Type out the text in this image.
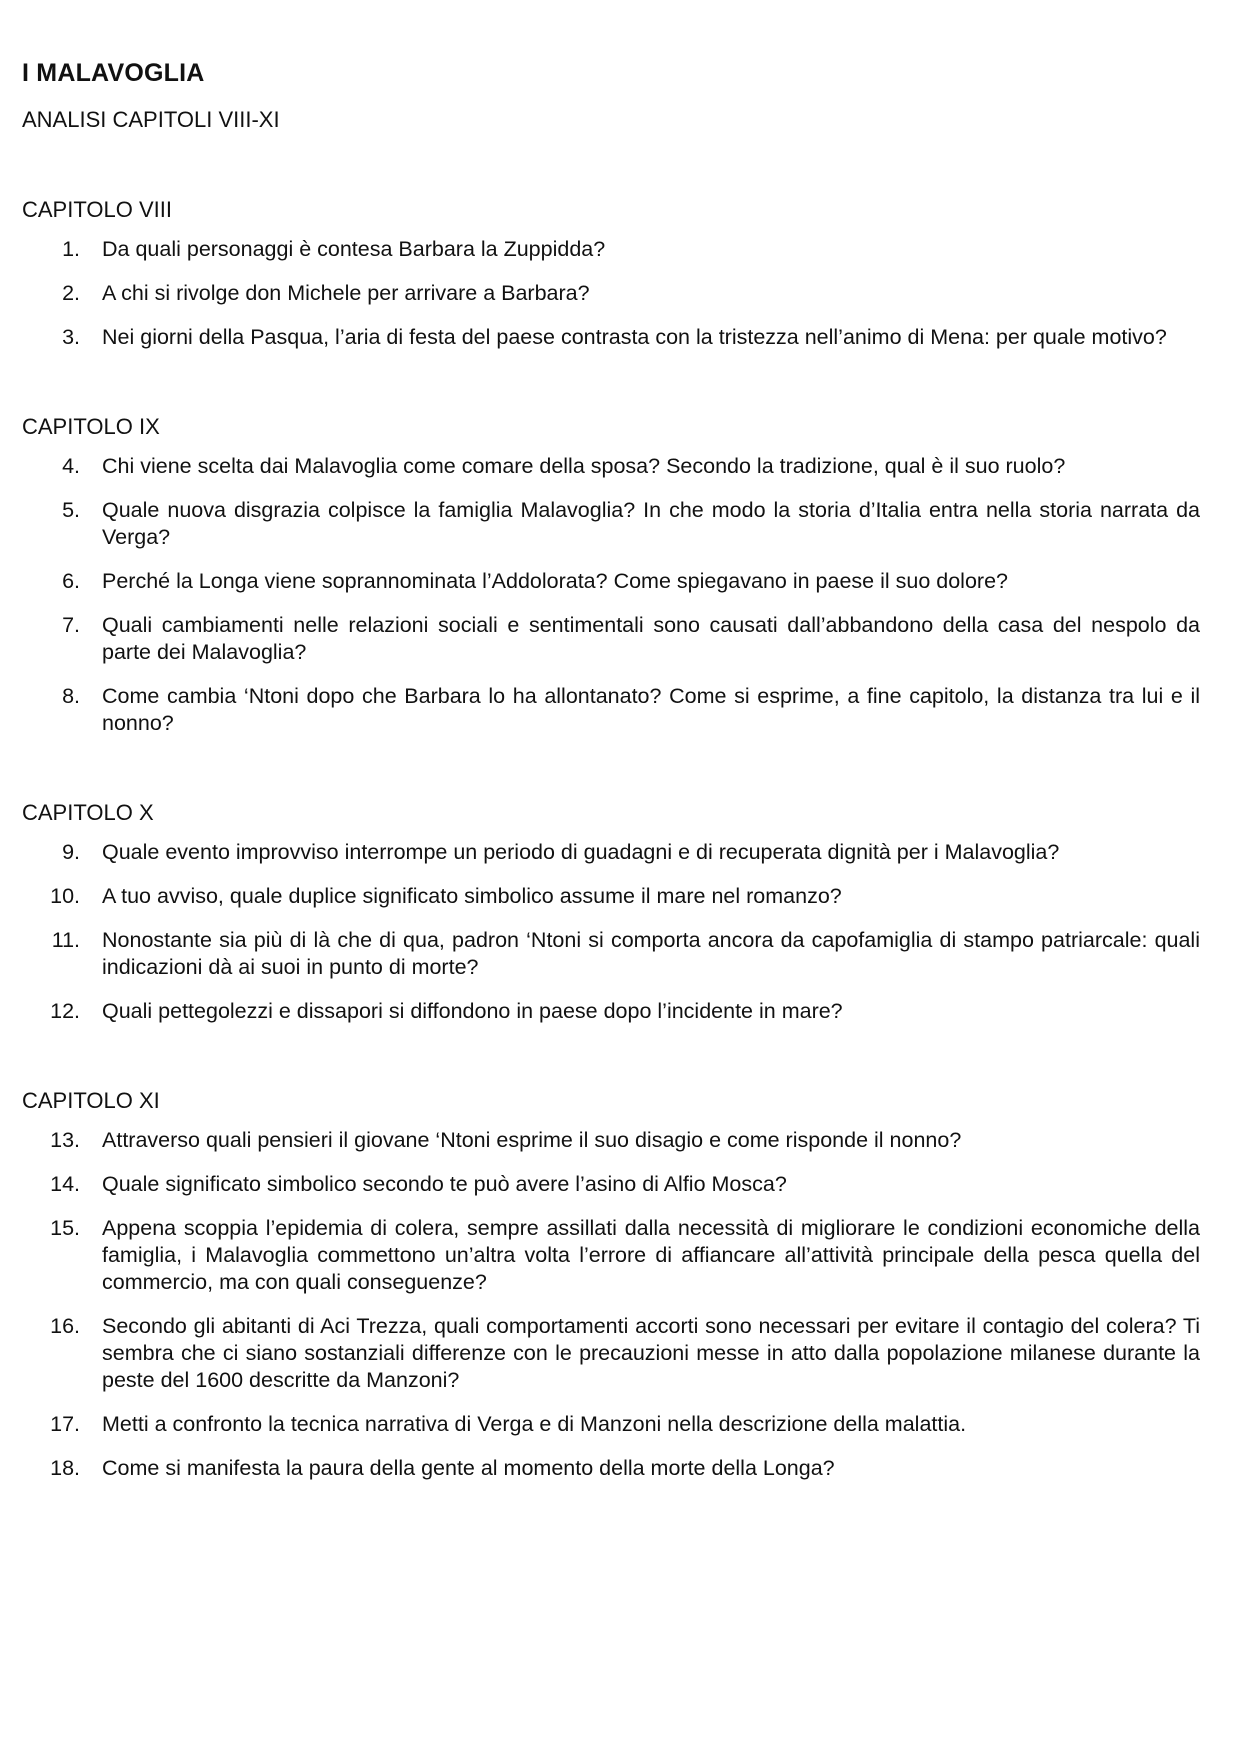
I MALAVOGLIA
ANALISI CAPITOLI VIII-XI
CAPITOLO VIII
1.	Da quali personaggi è contesa Barbara la Zuppidda?
2.	A chi si rivolge don Michele per arrivare a Barbara?
3.	Nei giorni della Pasqua, l’aria di festa del paese contrasta con la tristezza nell’animo di Mena: per quale motivo?
CAPITOLO IX
4.	Chi viene scelta dai Malavoglia come comare della sposa? Secondo la tradizione, qual è il suo ruolo?
5.	Quale nuova disgrazia colpisce la famiglia Malavoglia? In che modo la storia d’Italia entra nella storia narrata da Verga?
6.	Perché la Longa viene soprannominata l’Addolorata? Come spiegavano in paese il suo dolore?
7.	Quali cambiamenti nelle relazioni sociali e sentimentali sono causati dall’abbandono della casa del nespolo da parte dei Malavoglia?
8.	Come cambia ‘Ntoni dopo che Barbara lo ha allontanato? Come si esprime, a fine capitolo, la distanza tra lui e il nonno?
CAPITOLO X
9.	Quale evento improvviso interrompe un periodo di guadagni e di recuperata dignità per i Malavoglia?
10.	A tuo avviso, quale duplice significato simbolico assume il mare nel romanzo?
11.	Nonostante sia più di là che di qua, padron ‘Ntoni si comporta ancora da capofamiglia di stampo patriarcale: quali indicazioni dà ai suoi in punto di morte?
12.	Quali pettegolezzi e dissapori si diffondono in paese dopo l’incidente in mare?
CAPITOLO XI
13.	Attraverso quali pensieri il giovane ‘Ntoni esprime il suo disagio e come risponde il nonno?
14.	Quale significato simbolico secondo te può avere l’asino di Alfio Mosca?
15.	Appena scoppia l’epidemia di colera, sempre assillati dalla necessità di migliorare le condizioni economiche della famiglia, i Malavoglia commettono un’altra volta l’errore di affiancare all’attività principale della pesca quella del commercio, ma con quali conseguenze?
16.	Secondo gli abitanti di Aci Trezza, quali comportamenti accorti sono necessari per evitare il contagio del colera? Ti sembra che ci siano sostanziali differenze con le precauzioni messe in atto dalla popolazione milanese durante la peste del 1600 descritte da Manzoni?
17.	Metti a confronto la tecnica narrativa di Verga e di Manzoni nella descrizione della malattia.
18.	Come si manifesta la paura della gente al momento della morte della Longa?
